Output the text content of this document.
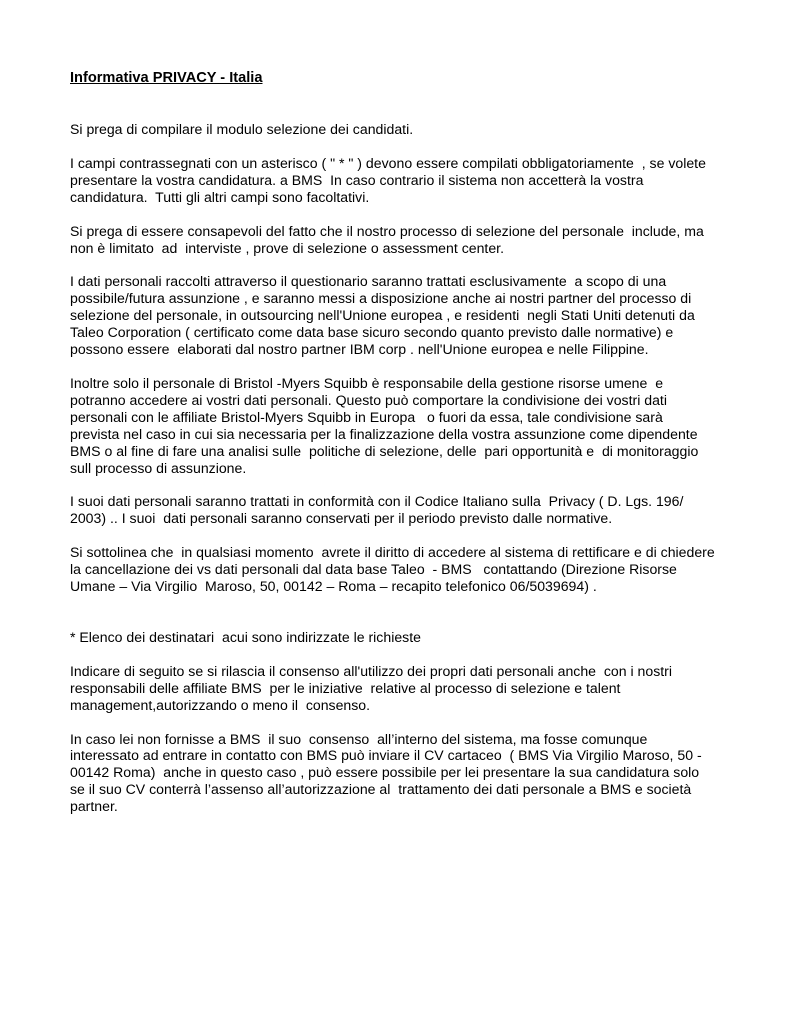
Informativa PRIVACY - Italia
Si prega di compilare il modulo selezione dei candidati.
I campi contrassegnati con un asterisco ( " * " ) devono essere compilati obbligatoriamente  , se volete
presentare la vostra candidatura. a BMS  In caso contrario il sistema non accetterà la vostra
candidatura.  Tutti gli altri campi sono facoltativi.
Si prega di essere consapevoli del fatto che il nostro processo di selezione del personale  include, ma
non è limitato  ad  interviste , prove di selezione o assessment center.
I dati personali raccolti attraverso il questionario saranno trattati esclusivamente  a scopo di una
possibile/futura assunzione , e saranno messi a disposizione anche ai nostri partner del processo di
selezione del personale, in outsourcing nell'Unione europea , e residenti  negli Stati Uniti detenuti da
Taleo Corporation ( certificato come data base sicuro secondo quanto previsto dalle normative) e
possono essere  elaborati dal nostro partner IBM corp . nell'Unione europea e nelle Filippine.
Inoltre solo il personale di Bristol -Myers Squibb è responsabile della gestione risorse umene  e
potranno accedere ai vostri dati personali. Questo può comportare la condivisione dei vostri dati
personali con le affiliate Bristol-Myers Squibb in Europa   o fuori da essa, tale condivisione sarà
prevista nel caso in cui sia necessaria per la finalizzazione della vostra assunzione come dipendente
BMS o al fine di fare una analisi sulle  politiche di selezione, delle  pari opportunità e  di monitoraggio
sull processo di assunzione.
I suoi dati personali saranno trattati in conformità con il Codice Italiano sulla  Privacy ( D. Lgs. 196/
2003) .. I suoi  dati personali saranno conservati per il periodo previsto dalle normative.
Si sottolinea che  in qualsiasi momento  avrete il diritto di accedere al sistema di rettificare e di chiedere
la cancellazione dei vs dati personali dal data base Taleo  - BMS   contattando (Direzione Risorse
Umane – Via Virgilio  Maroso, 50, 00142 – Roma – recapito telefonico 06/5039694) .
* Elenco dei destinatari  acui sono indirizzate le richieste
Indicare di seguito se si rilascia il consenso all'utilizzo dei propri dati personali anche  con i nostri
responsabili delle affiliate BMS  per le iniziative  relative al processo di selezione e talent
management,autorizzando o meno il  consenso.
In caso lei non fornisse a BMS  il suo  consenso  all’interno del sistema, ma fosse comunque
interessato ad entrare in contatto con BMS può inviare il CV cartaceo  ( BMS Via Virgilio Maroso, 50 -
00142 Roma)  anche in questo caso , può essere possibile per lei presentare la sua candidatura solo
se il suo CV conterrà l’assenso all’autorizzazione al  trattamento dei dati personale a BMS e società
partner.
